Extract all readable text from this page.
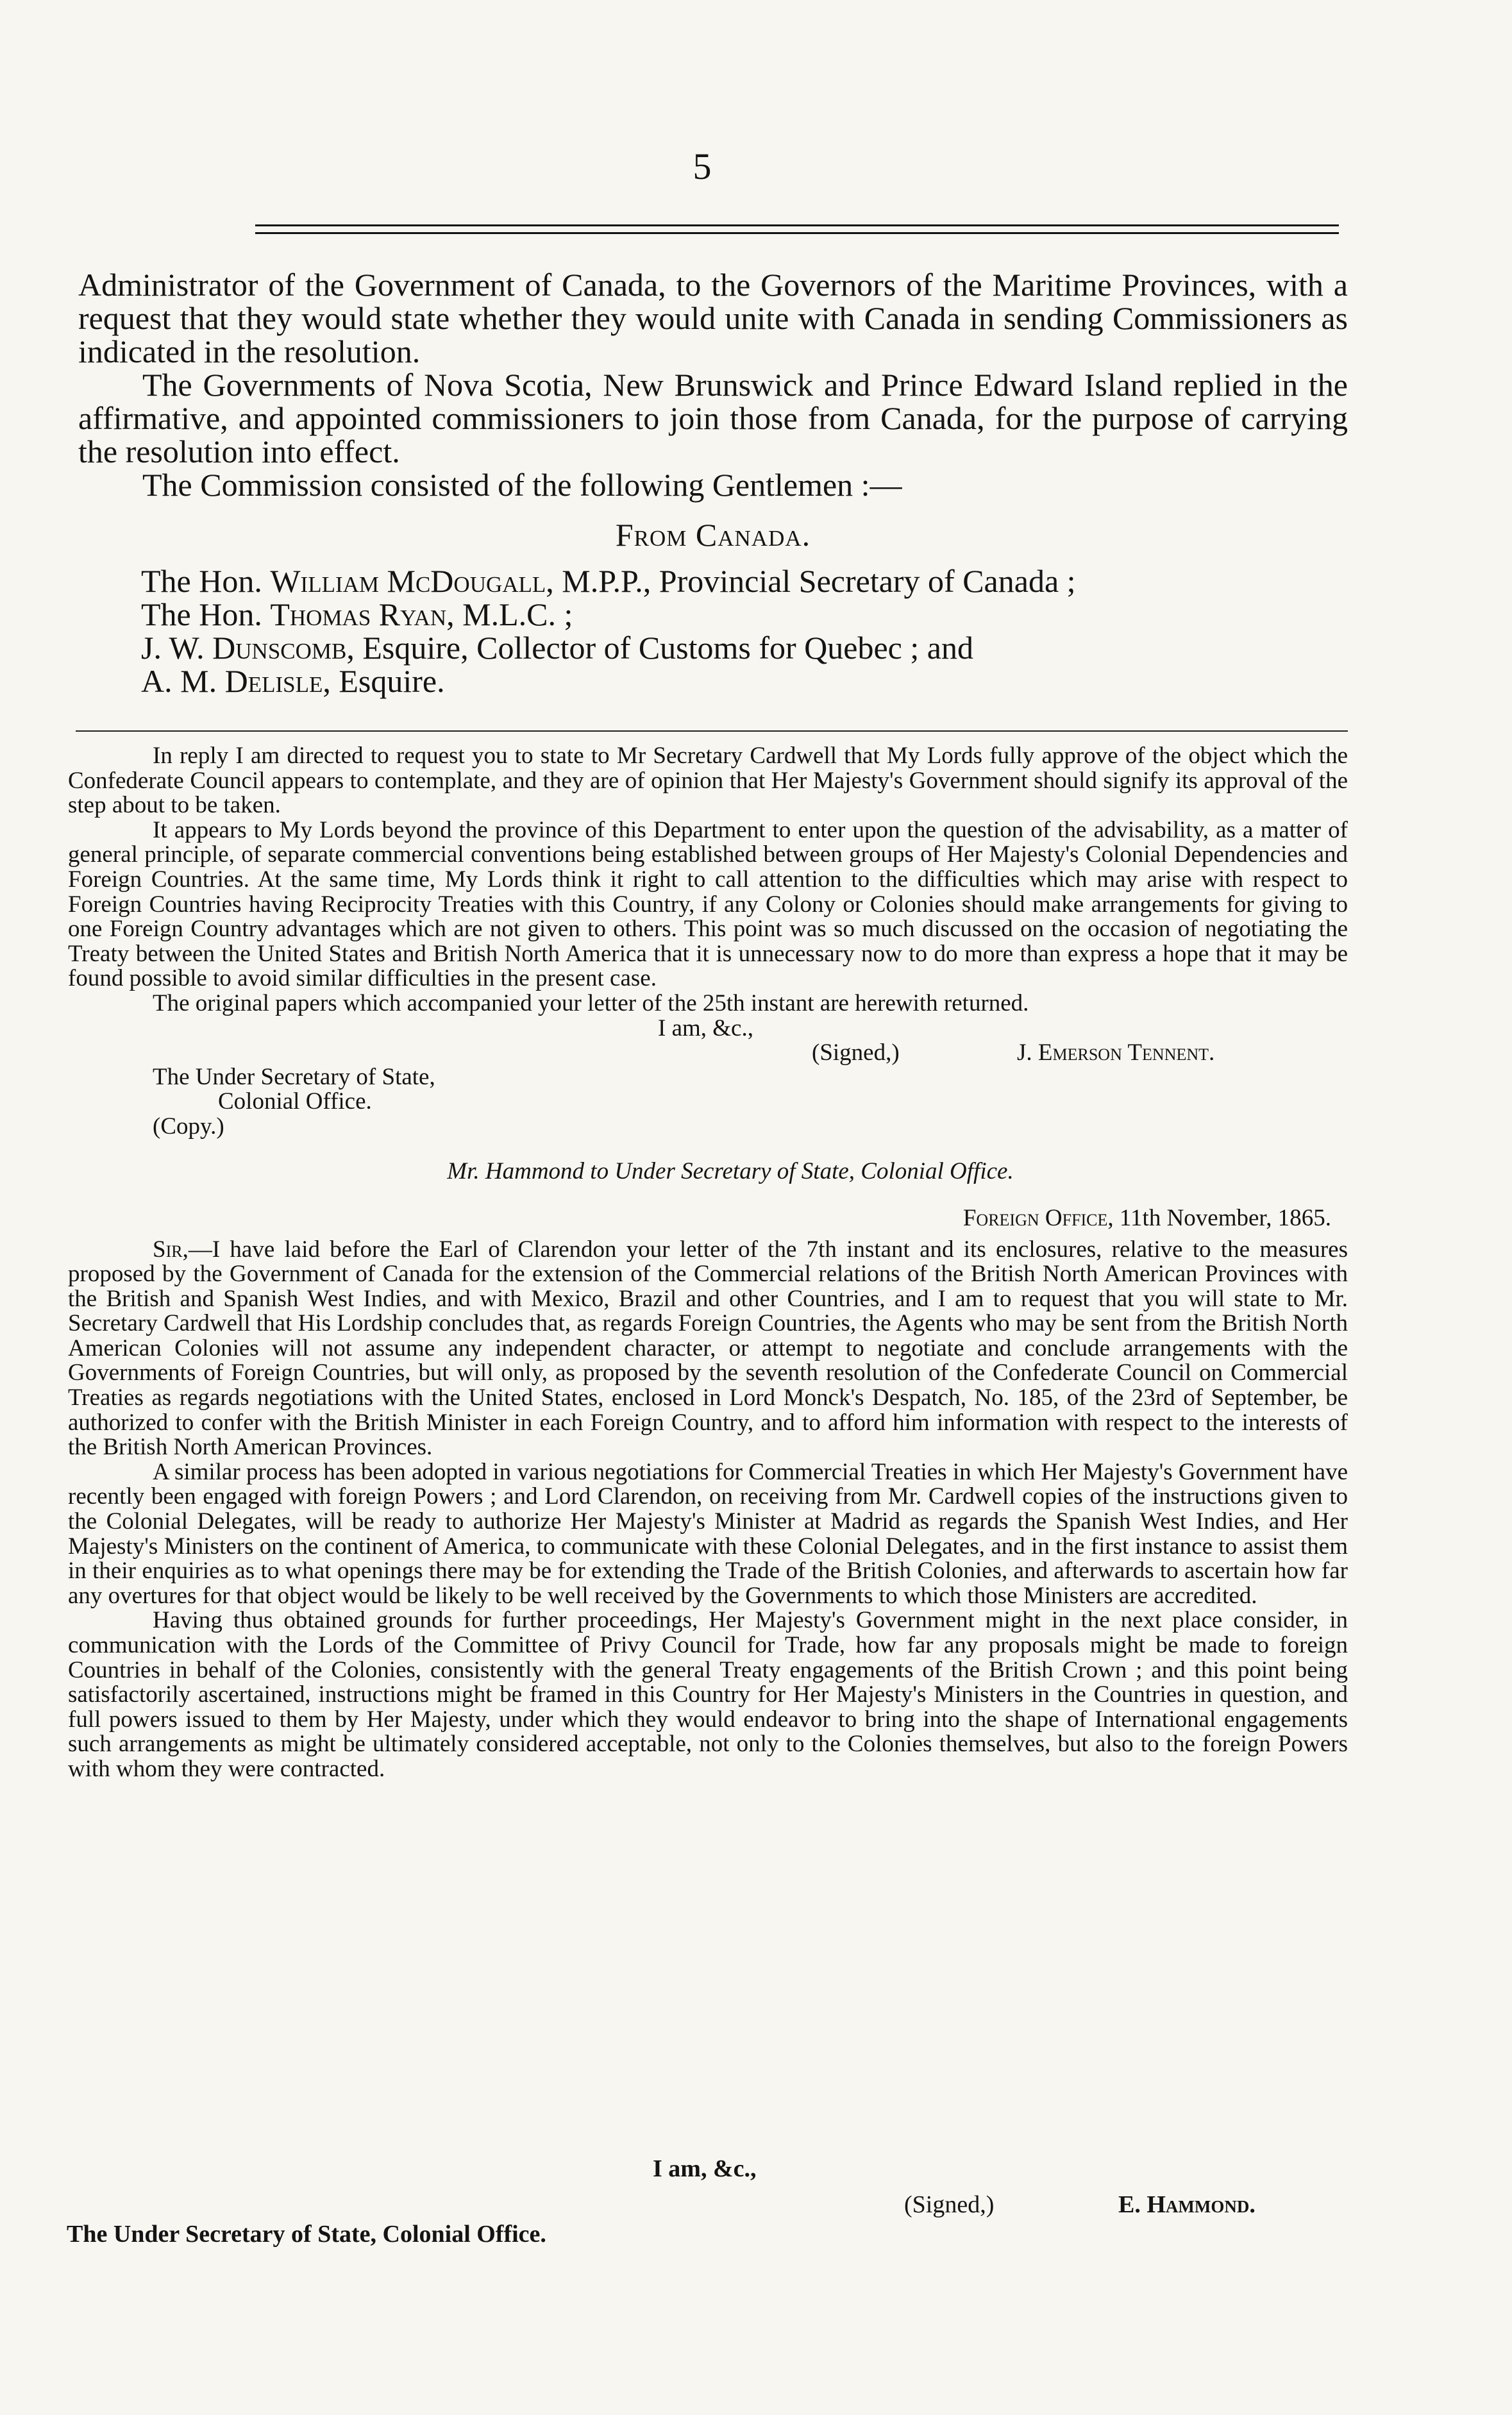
5

Administrator of the Government of Canada, to the Governors of the Maritime Provinces, with a request that they would state whether they would unite with Canada in sending Commissioners as indicated in the resolution.

The Governments of Nova Scotia, New Brunswick and Prince Edward Island replied in the affirmative, and appointed commissioners to join those from Canada, for the purpose of carrying the resolution into effect.

The Commission consisted of the following Gentlemen :—

From Canada.
The Hon. William McDougall, M.P.P., Provincial Secretary of Canada ;
The Hon. Thomas Ryan, M.L.C. ;
J. W. Dunscomb, Esquire, Collector of Customs for Quebec ; and
A. M. Delisle, Esquire.

In reply I am directed to request you to state to Mr Secretary Cardwell that My Lords fully approve of the object which the Confederate Council appears to contemplate, and they are of opinion that Her Majesty's Government should signify its approval of the step about to be taken.

It appears to My Lords beyond the province of this Department to enter upon the question of the advisability, as a matter of general principle, of separate commercial conventions being established between groups of Her Majesty's Colonial Dependencies and Foreign Countries. At the same time, My Lords think it right to call attention to the difficulties which may arise with respect to Foreign Countries having Reciprocity Treaties with this Country, if any Colony or Colonies should make arrangements for giving to one Foreign Country advantages which are not given to others. This point was so much discussed on the occasion of negotiating the Treaty between the United States and British North America that it is unnecessary now to do more than express a hope that it may be found possible to avoid similar difficulties in the present case.

The original papers which accompanied your letter of the 25th instant are herewith returned.

I am, &c.,
(Signed,)	J. Emerson Tennent.
The Under Secretary of State,
Colonial Office.
(Copy.)
Mr. Hammond to Under Secretary of State, Colonial Office.
Foreign Office, 11th November, 1865.

Sir,—I have laid before the Earl of Clarendon your letter of the 7th instant and its enclosures, relative to the measures proposed by the Government of Canada for the extension of the Commercial relations of the British North American Provinces with the British and Spanish West Indies, and with Mexico, Brazil and other Countries, and I am to request that you will state to Mr. Secretary Cardwell that His Lordship concludes that, as regards Foreign Countries, the Agents who may be sent from the British North American Colonies will not assume any independent character, or attempt to negotiate and conclude arrangements with the Governments of Foreign Countries, but will only, as proposed by the seventh resolution of the Confederate Council on Commercial Treaties as regards negotiations with the United States, enclosed in Lord Monck's Despatch, No. 185, of the 23rd of September, be authorized to confer with the British Minister in each Foreign Country, and to afford him information with respect to the interests of the British North American Provinces.

A similar process has been adopted in various negotiations for Commercial Treaties in which Her Majesty's Government have recently been engaged with foreign Powers ; and Lord Clarendon, on receiving from Mr. Cardwell copies of the instructions given to the Colonial Delegates, will be ready to authorize Her Majesty's Minister at Madrid as regards the Spanish West Indies, and Her Majesty's Ministers on the continent of America, to communicate with these Colonial Delegates, and in the first instance to assist them in their enquiries as to what openings there may be for extending the Trade of the British Colonies, and afterwards to ascertain how far any overtures for that object would be likely to be well received by the Governments to which those Ministers are accredited.

Having thus obtained grounds for further proceedings, Her Majesty's Government might in the next place consider, in communication with the Lords of the Committee of Privy Council for Trade, how far any proposals might be made to foreign Countries in behalf of the Colonies, consistently with the general Treaty engagements of the British Crown ; and this point being satisfactorily ascertained, instructions might be framed in this Country for Her Majesty's Ministers in the Countries in question, and full powers issued to them by Her Majesty, under which they would endeavor to bring into the shape of International engagements such arrangements as might be ultimately considered acceptable, not only to the Colonies themselves, but also to the foreign Powers with whom they were contracted.

I am, &c.,
(Signed,)	E. Hammond.
The Under Secretary of State, Colonial Office.
